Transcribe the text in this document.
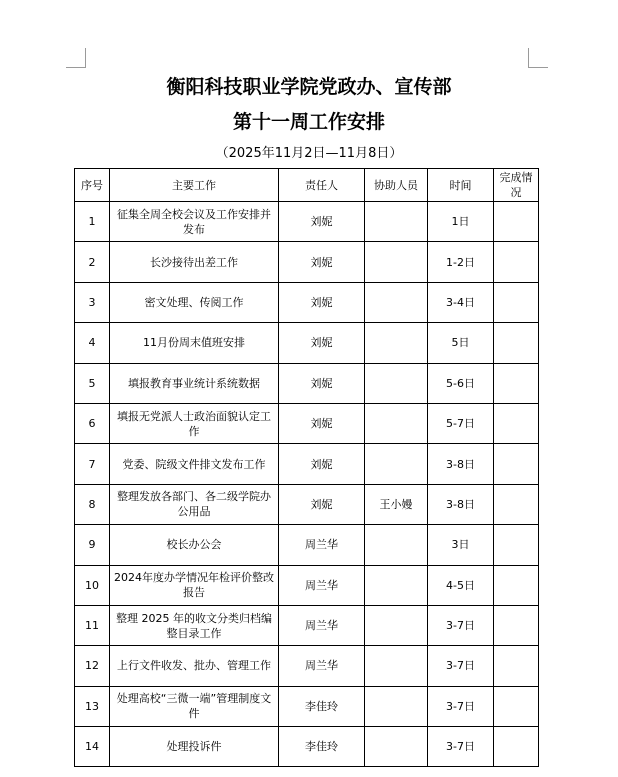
衡阳科技职业学院党政办、宣传部
第十一周工作安排
（2025年11月2日—11月8日）
序号	主要工作	责任人	协助人员	时间	完成情况
1	征集全周全校会议及工作安排并发布	刘妮		1日	
2	长沙接待出差工作	刘妮		1-2日	
3	密文处理、传阅工作	刘妮		3-4日	
4	11月份周末值班安排	刘妮		5日	
5	填报教育事业统计系统数据	刘妮		5-6日	
6	填报无党派人士政治面貌认定工作	刘妮		5-7日	
7	党委、院级文件排文发布工作	刘妮		3-8日	
8	整理发放各部门、各二级学院办公用品	刘妮	王小嫚	3-8日	
9	校长办公会	周兰华		3日	
10	2024年度办学情况年检评价整改报告	周兰华		4-5日	
11	整理 2025 年的收文分类归档编整目录工作	周兰华		3-7日	
12	上行文件收发、批办、管理工作	周兰华		3-7日	
13	处理高校“三微一端”管理制度文件	李佳玲		3-7日	
14	处理投诉件	李佳玲		3-7日	
